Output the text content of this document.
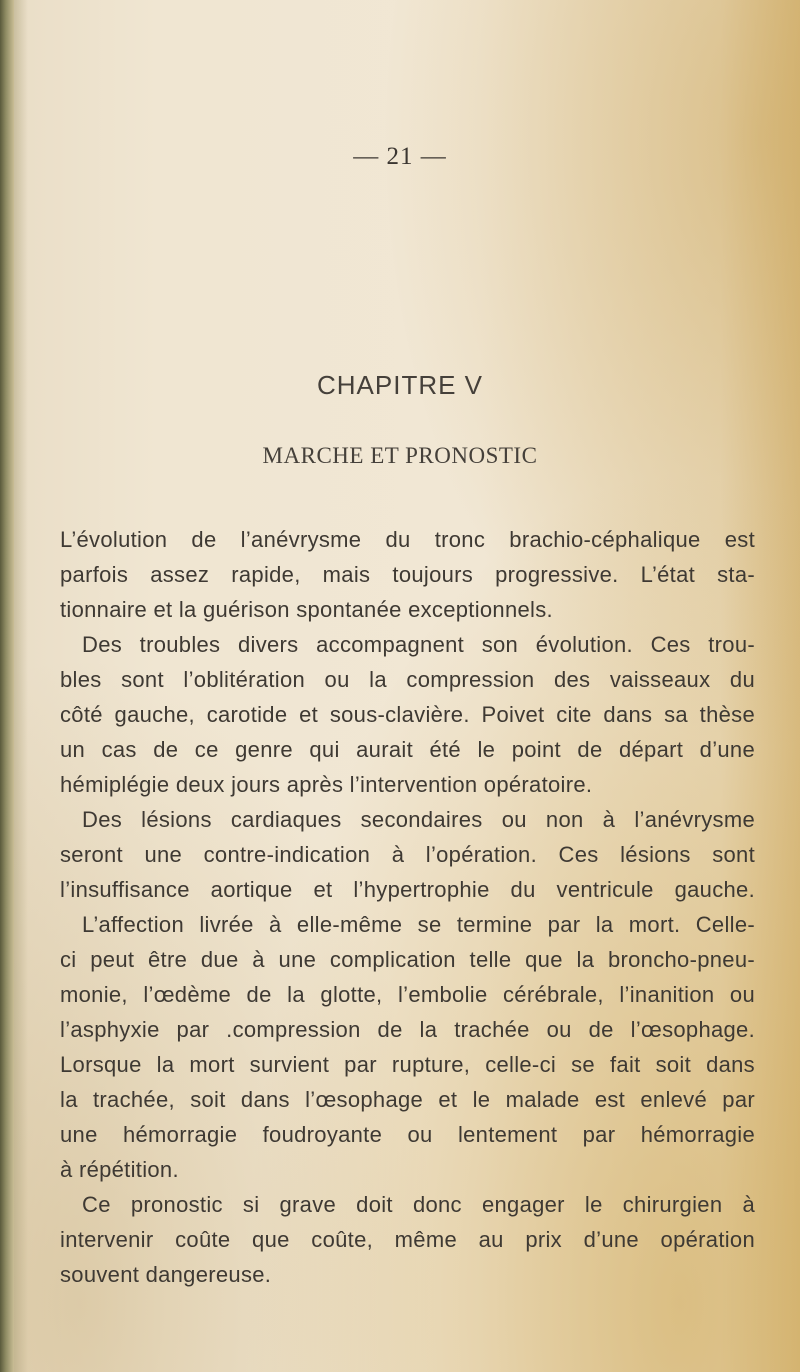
— 21 —
CHAPITRE V
MARCHE ET PRONOSTIC
L’évolution de l’anévrysme du tronc brachio-céphalique est
parfois assez rapide, mais toujours progressive. L’état sta-
tionnaire et la guérison spontanée exceptionnels.
Des troubles divers accompagnent son évolution. Ces trou-
bles sont l’oblitération ou la compression des vaisseaux du
côté gauche, carotide et sous-clavière. Poivet cite dans sa thèse
un cas de ce genre qui aurait été le point de départ d’une
hémiplégie deux jours après l’intervention opératoire.
Des lésions cardiaques secondaires ou non à l’anévrysme
seront une contre-indication à l’opération. Ces lésions sont
l’insuffisance aortique et l’hypertrophie du ventricule gauche.
L’affection livrée à elle-même se termine par la mort. Celle-
ci peut être due à une complication telle que la broncho-pneu-
monie, l’œdème de la glotte, l’embolie cérébrale, l’inanition ou
l’asphyxie par .compression de la trachée ou de l’œsophage.
Lorsque la mort survient par rupture, celle-ci se fait soit dans
la trachée, soit dans l’œsophage et le malade est enlevé par
une hémorragie foudroyante ou lentement par hémorragie
à répétition.
Ce pronostic si grave doit donc engager le chirurgien à
intervenir coûte que coûte, même au prix d’une opération
souvent dangereuse.
